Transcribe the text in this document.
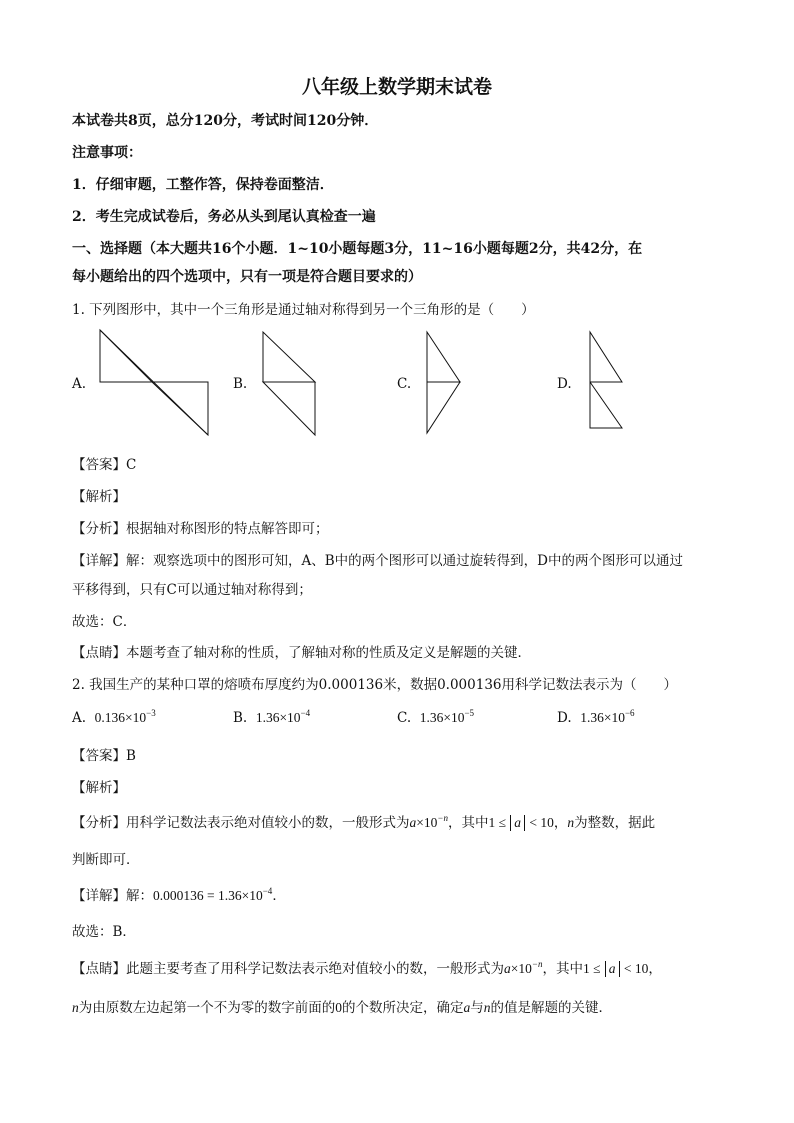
八年级上数学期末试卷
本试卷共8页，总分120分，考试时间120分钟．
注意事项：
1．仔细审题，工整作答，保持卷面整洁．
2．考生完成试卷后，务必从头到尾认真检查一遍
一、选择题（本大题共16个小题．1~10小题每题3分，11~16小题每题2分，共42分，在
每小题给出的四个选项中，只有一项是符合题目要求的）
1. 下列图形中，其中一个三角形是通过轴对称得到另一个三角形的是（　　）
A.	B.	C.	D.
【答案】C
【解析】
【分析】根据轴对称图形的特点解答即可；
【详解】解：观察选项中的图形可知，A、B中的两个图形可以通过旋转得到，D中的两个图形可以通过
平移得到，只有C可以通过轴对称得到；
故选：C．
【点睛】本题考查了轴对称的性质，了解轴对称的性质及定义是解题的关键．
2. 我国生产的某种口罩的熔喷布厚度约为0.000136米，数据0.000136用科学记数法表示为（　　）
A. $0.136\times 10^{-3}$	B. $1.36\times 10^{-4}$	C. $1.36\times 10^{-5}$	D. $1.36\times 10^{-6}$
【答案】B
【解析】
【分析】用科学记数法表示绝对值较小的数，一般形式为$a\times 10^{-n}$，其中1 ≤ a < 10，n为整数，据此
判断即可．
【详解】解：$0.000136 = 1.36\times 10^{-4}$．
故选：B．
【点睛】此题主要考查了用科学记数法表示绝对值较小的数，一般形式为$a\times 10^{-n}$，其中1 ≤ a < 10，
n为由原数左边起第一个不为零的数字前面的0的个数所决定，确定a与n的值是解题的关键．
